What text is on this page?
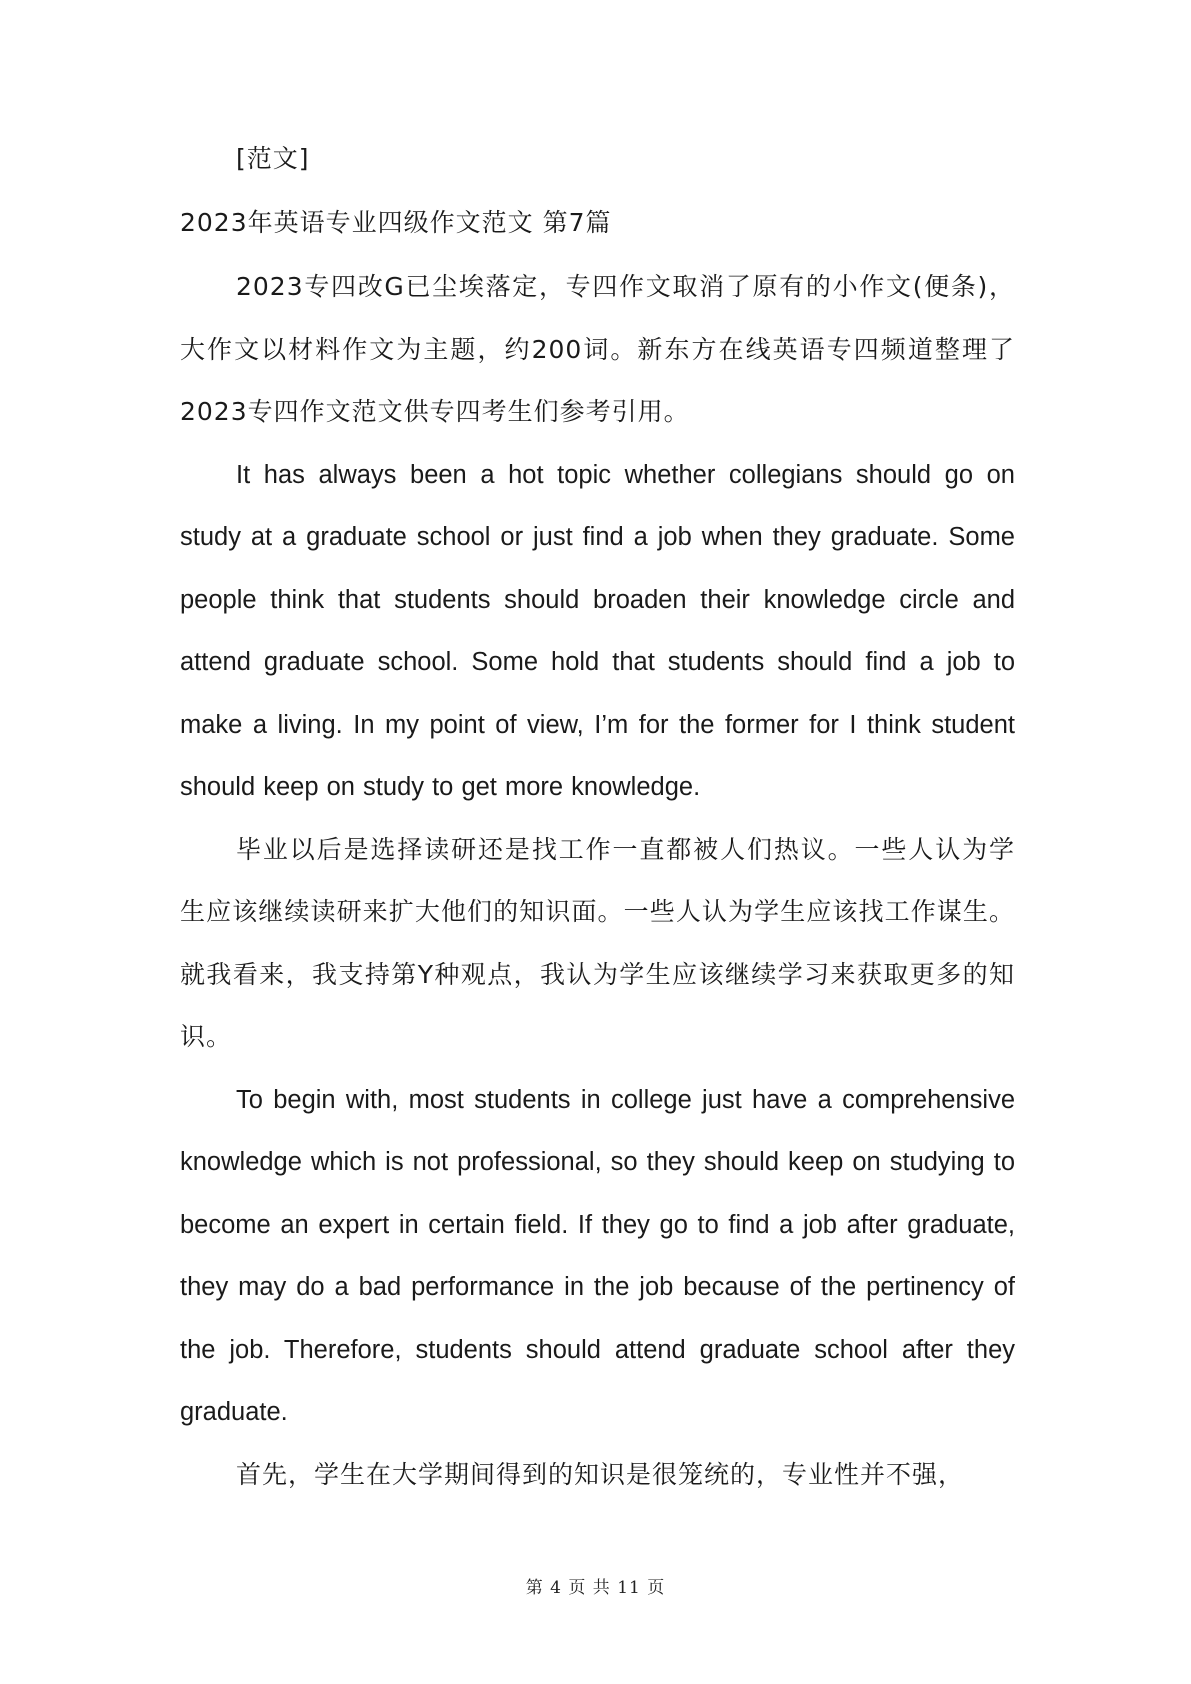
[范文]

2023年英语专业四级作文范文 第7篇

2023专四改G已尘埃落定，专四作文取消了原有的小作文(便条)，大作文以材料作文为主题，约200词。新东方在线英语专四频道整理了2023专四作文范文供专四考生们参考引用。

It has always been a hot topic whether collegians should go on study at a graduate school or just find a job when they graduate. Some people think that students should broaden their knowledge circle and attend graduate school. Some hold that students should find a job to make a living. In my point of view, I’m for the former for I think student should keep on study to get more knowledge.

毕业以后是选择读研还是找工作一直都被人们热议。一些人认为学生应该继续读研来扩大他们的知识面。一些人认为学生应该找工作谋生。就我看来，我支持第Y种观点，我认为学生应该继续学习来获取更多的知识。

To begin with, most students in college just have a comprehensive knowledge which is not professional, so they should keep on studying to become an expert in certain field. If they go to find a job after graduate, they may do a bad performance in the job because of the pertinency of the job. Therefore, students should attend graduate school after they graduate.

首先，学生在大学期间得到的知识是很笼统的，专业性并不强，

第 4 页 共 11 页
